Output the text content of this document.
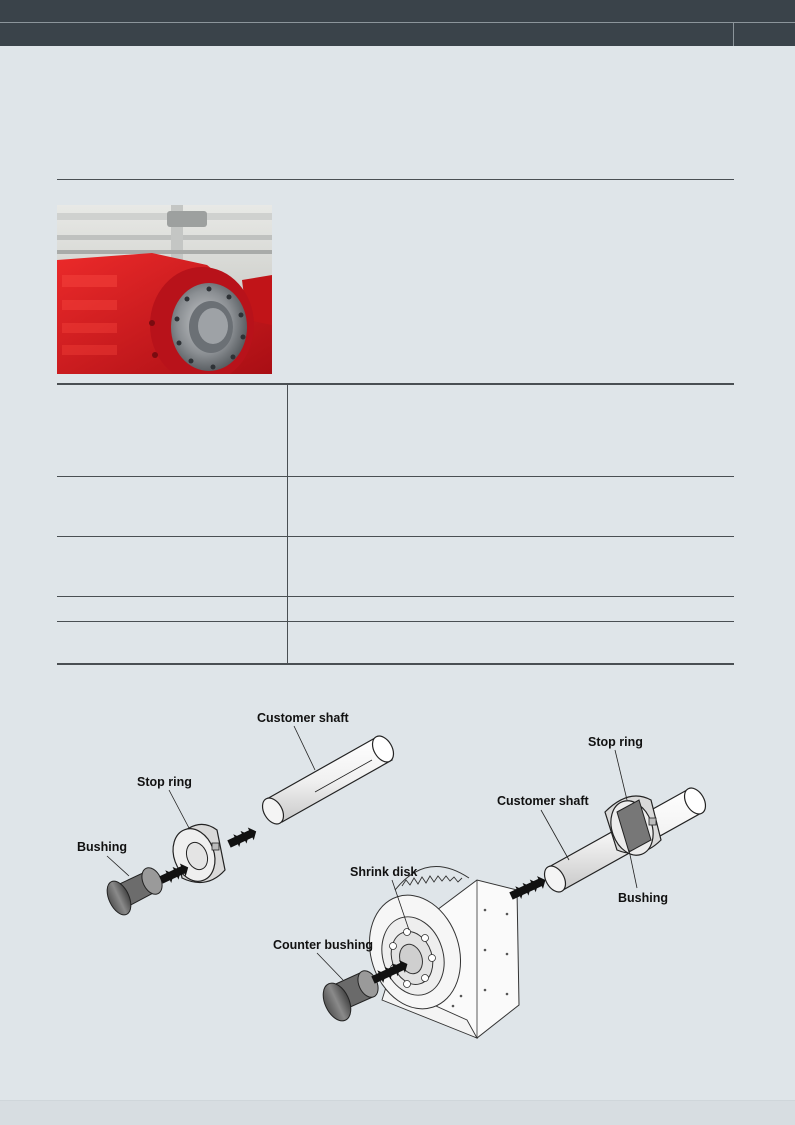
Customer shaft
Stop ring
Bushing
Shrink disk
Counter bushing
Stop ring
Customer shaft
Bushing
